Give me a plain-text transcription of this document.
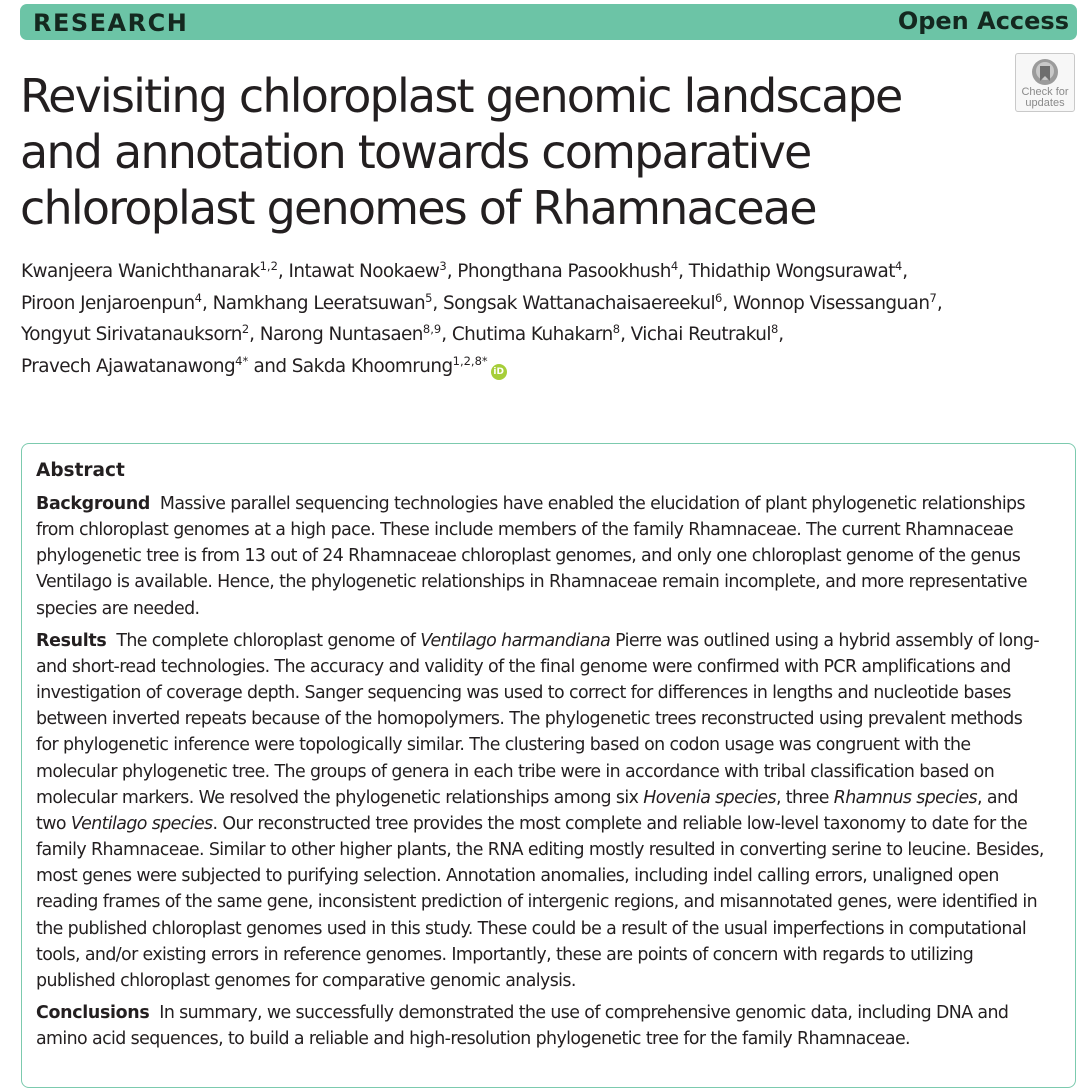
RESEARCH	Open Access
Check for
updates
Revisiting chloroplast genomic landscape and annotation towards comparative chloroplast genomes of Rhamnaceae
Kwanjeera Wanichthanarak$^{1,2}$, Intawat Nookaew$^3$, Phongthana Pasookhush$^4$, Thidathip Wongsurawat$^4$,
Piroon Jenjaroenpun$^4$, Namkhang Leeratsuwan$^5$, Songsak Wattanachaisaereekul$^6$, Wonnop Visessanguan$^7$,
Yongyut Sirivatanauksorn$^2$, Narong Nuntasaen$^{8,9}$, Chutima Kuhakarn$^8$, Vichai Reutrakul$^8$,
Pravech Ajawatanawong$^{4*}$ and Sakda Khoomrung$^{1,2,8*}$iD
Abstract

Background Massive parallel sequencing technologies have enabled the elucidation of plant phylogenetic relationships from chloroplast genomes at a high pace. These include members of the family Rhamnaceae. The current Rhamnaceae phylogenetic tree is from 13 out of 24 Rhamnaceae chloroplast genomes, and only one chloroplast genome of the genus Ventilago is available. Hence, the phylogenetic relationships in Rhamnaceae remain incomplete, and more representative species are needed.

Results The complete chloroplast genome of Ventilago harmandiana Pierre was outlined using a hybrid assembly of long- and short-read technologies. The accuracy and validity of the final genome were confirmed with PCR amplifications and investigation of coverage depth. Sanger sequencing was used to correct for differences in lengths and nucleotide bases between inverted repeats because of the homopolymers. The phylogenetic trees reconstructed using prevalent methods for phylogenetic inference were topologically similar. The clustering based on codon usage was congruent with the molecular phylogenetic tree. The groups of genera in each tribe were in accordance with tribal classification based on molecular markers. We resolved the phylogenetic relationships among six Hovenia species, three Rhamnus species, and two Ventilago species. Our reconstructed tree provides the most complete and reliable low-level taxonomy to date for the family Rhamnaceae. Similar to other higher plants, the RNA editing mostly resulted in converting serine to leucine. Besides, most genes were subjected to purifying selection. Annotation anomalies, including indel calling errors, unaligned open reading frames of the same gene, inconsistent prediction of intergenic regions, and misannotated genes, were identified in the published chloroplast genomes used in this study. These could be a result of the usual imperfections in computational tools, and/or existing errors in reference genomes. Importantly, these are points of concern with regards to utilizing published chloroplast genomes for comparative genomic analysis.

Conclusions In summary, we successfully demonstrated the use of comprehensive genomic data, including DNA and amino acid sequences, to build a reliable and high-resolution phylogenetic tree for the family Rhamnaceae.
